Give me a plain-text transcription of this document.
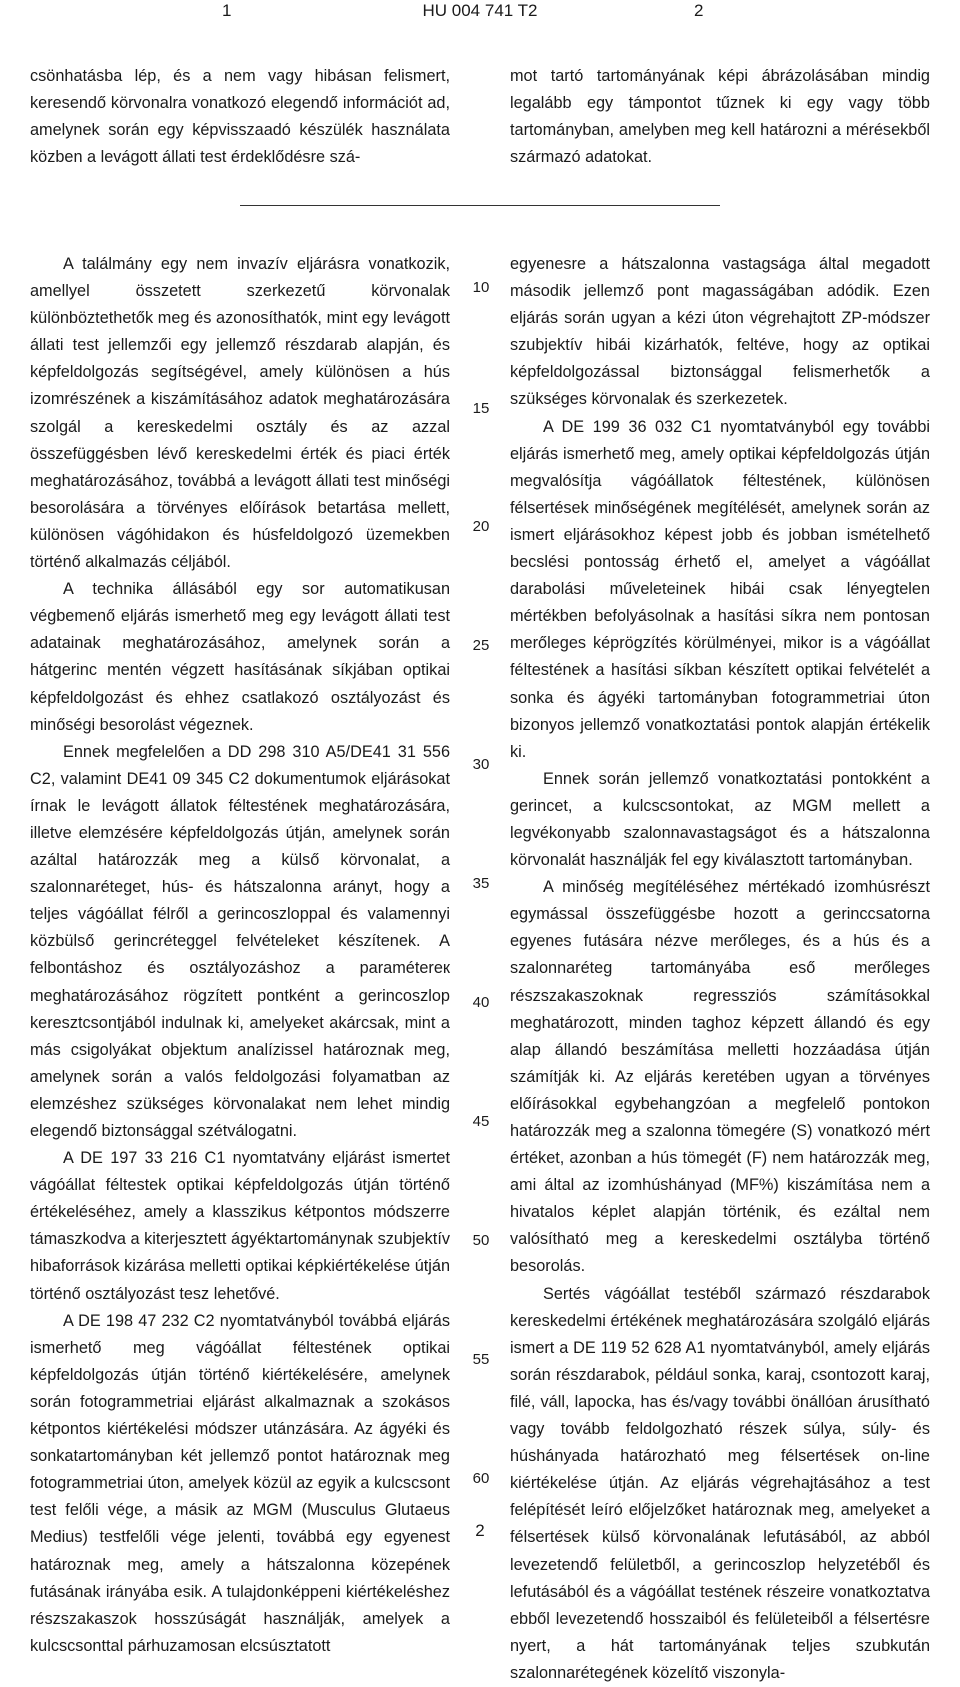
1	HU 004 741 T2	2

csönhatásba lép, és a nem vagy hibásan felismert, keresendő körvonalra vonatkozó elegendő információt ad, amelynek során egy képvisszaadó készülék használata közben a levágott állati test érdeklődésre szá-

mot tartó tartományának képi ábrázolásában mindig legalább egy támpontot tűznek ki egy vagy több tartományban, amelyben meg kell határozni a mérésekből származó adatokat.

A találmány egy nem invazív eljárásra vonatkozik, amellyel összetett szerkezetű körvonalak különböztethetők meg és azonosíthatók, mint egy levágott állati test jellemzői egy jellemző részdarab alapján, és képfeldolgozás segítségével, amely különösen a hús izomrészének a kiszámításához adatok meghatározására szolgál a kereskedelmi osztály és az azzal összefüggésben lévő kereskedelmi érték és piaci érték meghatározásához, továbbá a levágott állati test minőségi besorolására a törvényes előírások betartása mellett, különösen vágóhidakon és húsfeldolgozó üzemekben történő alkalmazás céljából.

A technika állásából egy sor automatikusan végbemenő eljárás ismerhető meg egy levágott állati test adatainak meghatározásához, amelynek során a hátgerinc mentén végzett hasításának síkjában optikai képfeldolgozást és ehhez csatlakozó osztályozást és minőségi besorolást végeznek.

Ennek megfelelően a DD 298 310 A5/DE41 31 556 C2, valamint DE41 09 345 C2 dokumentumok eljárásokat írnak le levágott állatok féltestének meghatározására, illetve elemzésére képfeldolgozás útján, amelynek során azáltal határozzák meg a külső körvonalat, a szalonnaréteget, hús- és hátszalonna arányt, hogy a teljes vágóállat félről a gerincoszloppal és valamennyi közbülső gerincréteggel felvételeket készítenek. A felbontáshoz és osztályozáshoz a paramétereк meghatározásához rögzített pontként a gerincoszlop keresztcsontjából indulnak ki, amelyeket akárcsak, mint a más csigolyákat objektum analízissel határoznak meg, amelynek során a valós feldolgozási folyamatban az elemzéshez szükséges körvonalakat nem lehet mindig elegendő biztonsággal szétválogatni.

A DE 197 33 216 C1 nyomtatvány eljárást ismertet vágóállat féltestek optikai képfeldolgozás útján történő értékeléséhez, amely a klasszikus kétpontos módszerre támaszkodva a kiterjesztett ágyéktartománynak szubjektív hibaforrások kizárása melletti optikai képkiértékelése útján történő osztályozást tesz lehetővé.

A DE 198 47 232 C2 nyomtatványból továbbá eljárás ismerhető meg vágóállat féltestének optikai képfeldolgozás útján történő kiértékelésére, amelynek során fotogrammetriai eljárást alkalmaznak a szokásos kétpontos kiértékelési módszer utánzására. Az ágyéki és sonkatartományban két jellemző pontot határoznak meg fotogrammetriai úton, amelyek közül az egyik a kulcscsont test felőli vége, a másik az MGM (Musculus Glutaeus Medius) testfelőli vége jelenti, továbbá egy egyenest határoznak meg, amely a hátszalonna közepének futásának irányába esik. A tulajdonképpeni kiértékeléshez részszakaszok hosszúságát használják, amelyek a kulcscsonttal párhuzamosan elcsúsztatott

10
15
20
25
30
35
40
45
50
55
60

egyenesre a hátszalonna vastagsága által megadott második jellemző pont magasságában adódik. Ezen eljárás során ugyan a kézi úton végrehajtott ZP-módszer szubjektív hibái kizárhatók, feltéve, hogy az optikai képfeldolgozással biztonsággal felismerhetők a szükséges körvonalak és szerkezetek.

A DE 199 36 032 C1 nyomtatványból egy további eljárás ismerhető meg, amely optikai képfeldolgozás útján megvalósítja vágóállatok féltestének, különösen félsertések minőségének megítélését, amelynek során az ismert eljárásokhoz képest jobb és jobban ismételhető becslési pontosság érhető el, amelyet a vágóállat darabolási műveleteinek hibái csak lényegtelen mértékben befolyásolnak a hasítási síkra nem pontosan merőleges képrögzítés körülményei, mikor is a vágóállat féltestének a hasítási síkban készített optikai felvételét a sonka és ágyéki tartományban fotogrammetriai úton bizonyos jellemző vonatkoztatási pontok alapján értékelik ki.

Ennek során jellemző vonatkoztatási pontokként a gerincet, a kulcscsontokat, az MGM mellett a legvékonyabb szalonnavastagságot és a hátszalonna körvonalát használják fel egy kiválasztott tartományban.

A minőség megítéléséhez mértékadó izomhúsrészt egymással összefüggésbe hozott a gerinccsatorna egyenes futására nézve merőleges, és a hús és a szalonnaréteg tartományába eső merőleges részszakaszoknak regressziós számításokkal meghatározott, minden taghoz képzett állandó és egy alap állandó beszámítása melletti hozzáadása útján számítják ki. Az eljárás keretében ugyan a törvényes előírásokkal egybehangzóan a megfelelő pontokon határozzák meg a szalonna tömegére (S) vonatkozó mért értéket, azonban a hús tömegét (F) nem határozzák meg, ami által az izomhúshányad (MF%) kiszámítása nem a hivatalos képlet alapján történik, és ezáltal nem valósítható meg a kereskedelmi osztályba történő besorolás.

Sertés vágóállat testéből származó részdarabok kereskedelmi értékének meghatározására szolgáló eljárás ismert a DE 119 52 628 A1 nyomtatványból, amely eljárás során részdarabok, például sonka, karaj, csontozott karaj, filé, váll, lapocka, has és/vagy további önállóan árusítható vagy tovább feldolgozható részek súlya, súly- és húshányada határozható meg félsertések on-line kiértékelése útján. Az eljárás végrehajtásához a test felépítését leíró előjelzőket határoznak meg, amelyeket a félsertések külső körvonalának lefutásából, az abból levezetendő felületből, a gerincoszlop helyzetéből és lefutásából és a vágóállat testének részeire vonatkoztatva ebből levezetendő hosszaiból és felületeiből a félsertésre nyert, a hát tartományának teljes szubkután szalonnarétegének közelítő viszonyla-

2
